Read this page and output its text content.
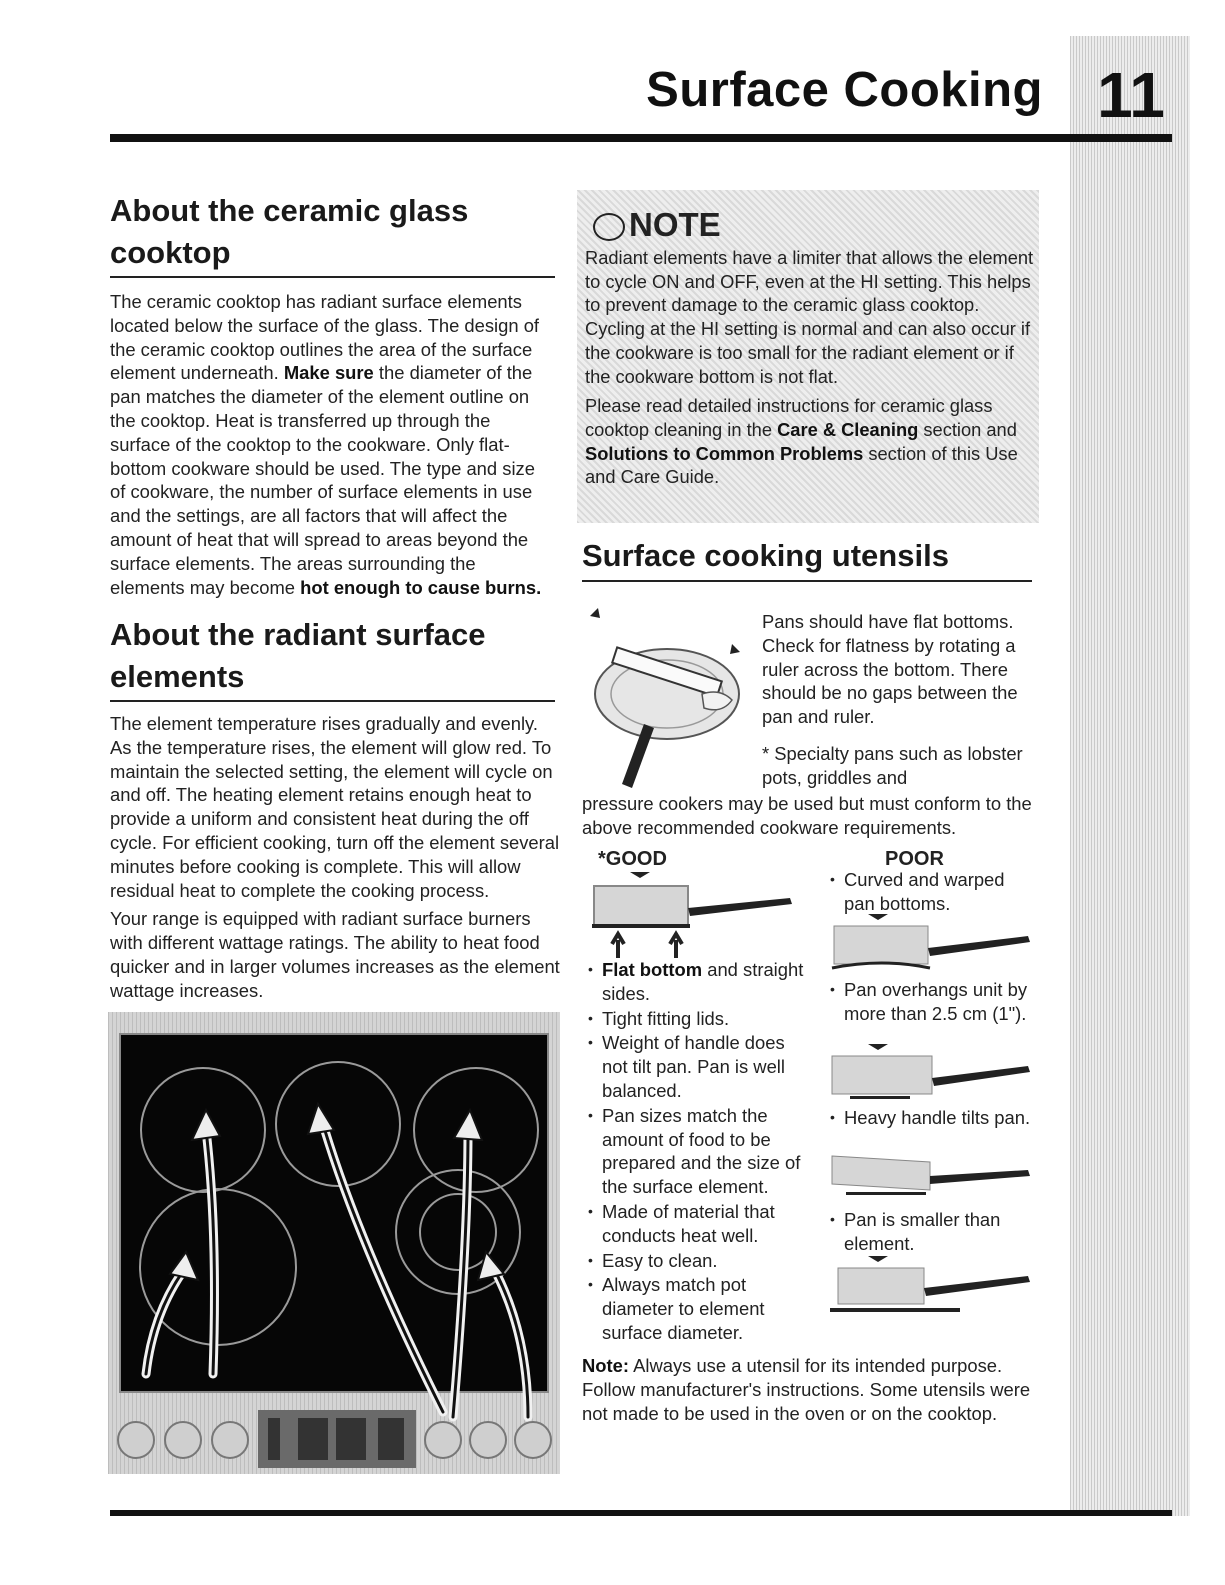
11
Surface Cooking
About the ceramic glass
cooktop
The ceramic cooktop has radiant surface elements located below the surface of the glass. The design of the ceramic cooktop outlines the area of the surface element underneath. Make sure the diameter of the pan matches the diameter of the element outline on the cooktop. Heat is transferred up through the surface of the cooktop to the cookware. Only flat-bottom cookware should be used. The type and size of cookware, the number of surface elements in use and the settings, are all factors that will affect the amount of heat that will spread to areas beyond the surface elements. The areas surrounding the elements may become hot enough to cause burns.
About the radiant surface
elements

The element temperature rises gradually and evenly. As the temperature rises, the element will glow red. To maintain the selected setting, the element will cycle on and off. The heating element retains enough heat to provide a uniform and consistent heat during the off cycle. For efficient cooking, turn off the element several minutes before cooking is complete. This will allow residual heat to complete the cooking process.

Your range is equipped with radiant surface burners with different wattage ratings. The ability to heat food quicker and in larger volumes increases as the element wattage increases.

NOTE

Radiant elements have a limiter that allows the element to cycle ON and OFF, even at the HI setting. This helps to prevent damage to the ceramic glass cooktop. Cycling at the HI setting is normal and can also occur if the cookware is too small for the radiant element or if the cookware bottom is not flat.

Please read detailed instructions for ceramic glass cooktop cleaning in the Care & Cleaning section and Solutions to Common Problems section of this Use and Care Guide.

Surface cooking utensils
Pans should have flat bottoms. Check for flatness by rotating a ruler across the bottom. There should be no gaps between the pan and ruler.
* Specialty pans such as lobster pots, griddles and
pressure cookers may be used but must conform to the above recommended cookware requirements.
*GOOD	POOR
• Flat bottom and straight sides.
• Tight fitting lids.
• Weight of handle does not tilt pan. Pan is well balanced.
• Pan sizes match the amount of food to be prepared and the size of the surface element.
• Made of material that conducts heat well.
• Easy to clean.
• Always match pot diameter to element surface diameter.
• Curved and warped pan bottoms.
• Pan overhangs unit by more than 2.5 cm (1").
• Heavy handle tilts pan.
• Pan is smaller than element.
Note: Always use a utensil for its intended purpose. Follow manufacturer's instructions. Some utensils were not made to be used in the oven or on the cooktop.
